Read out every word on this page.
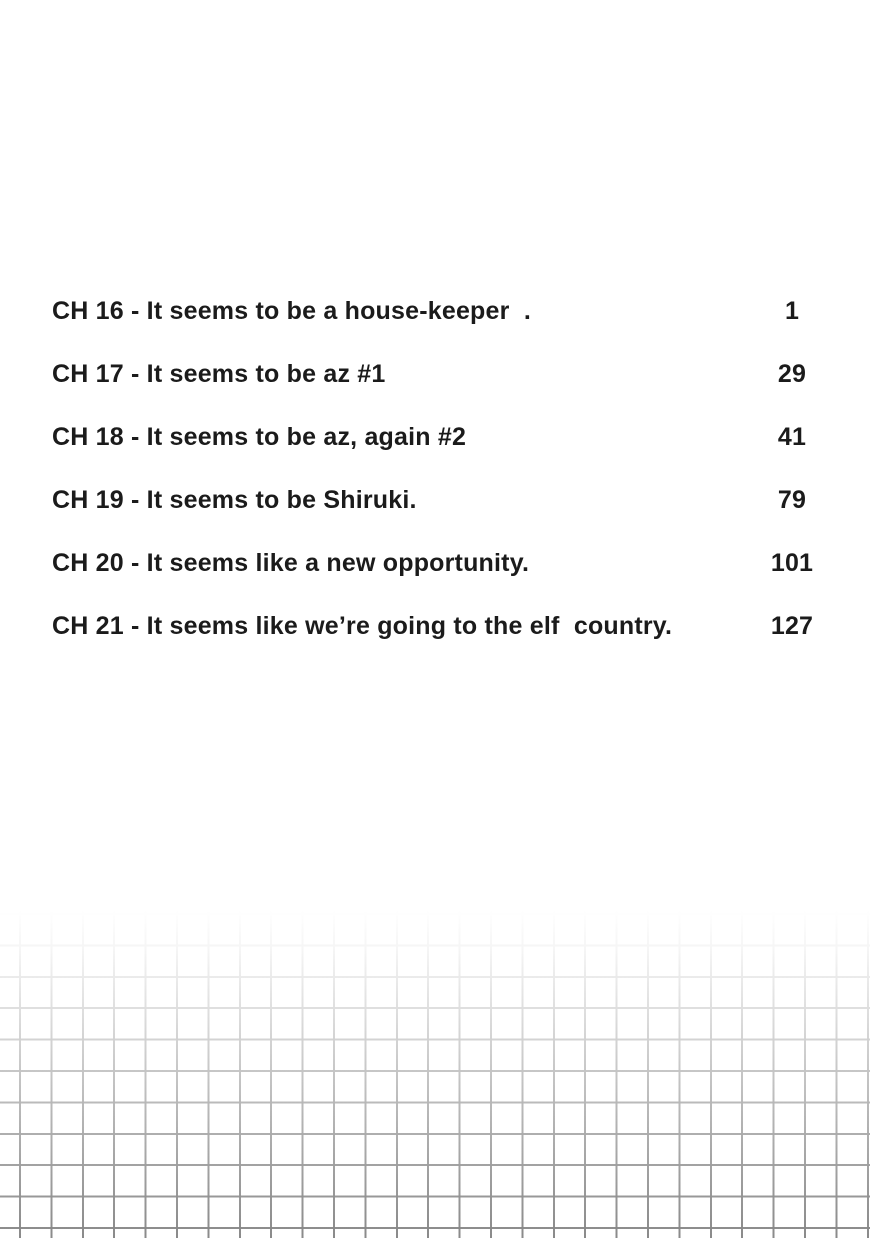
CH 16 - It seems to be a house-keeper  .	1
CH 17 - It seems to be az #1	29
CH 18 - It seems to be az, again #2	41
CH 19 - It seems to be Shiruki.	79
CH 20 - It seems like a new opportunity.	101
CH 21 - It seems like we’re going to the elf  country.	127
